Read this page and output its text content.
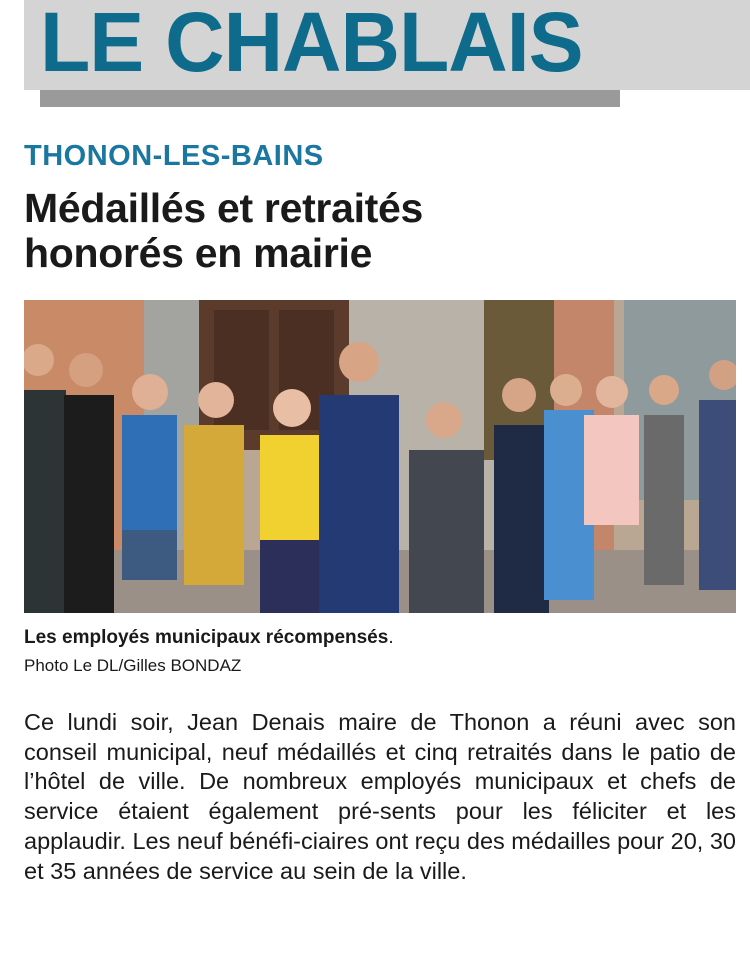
LE CHABLAIS
THONON-LES-BAINS
Médaillés et retraités
honorés en mairie
Les employés municipaux récompensés.
Photo Le DL/Gilles BONDAZ
Ce lundi soir, Jean Denais maire de Thonon a réuni avec son conseil municipal, neuf médaillés et cinq retraités dans le patio de l’hôtel de ville. De nombreux employés municipaux et chefs de service étaient également pré-sents pour les féliciter et les applaudir. Les neuf bénéfi-ciaires ont reçu des médailles pour 20, 30 et 35 années de service au sein de la ville.
